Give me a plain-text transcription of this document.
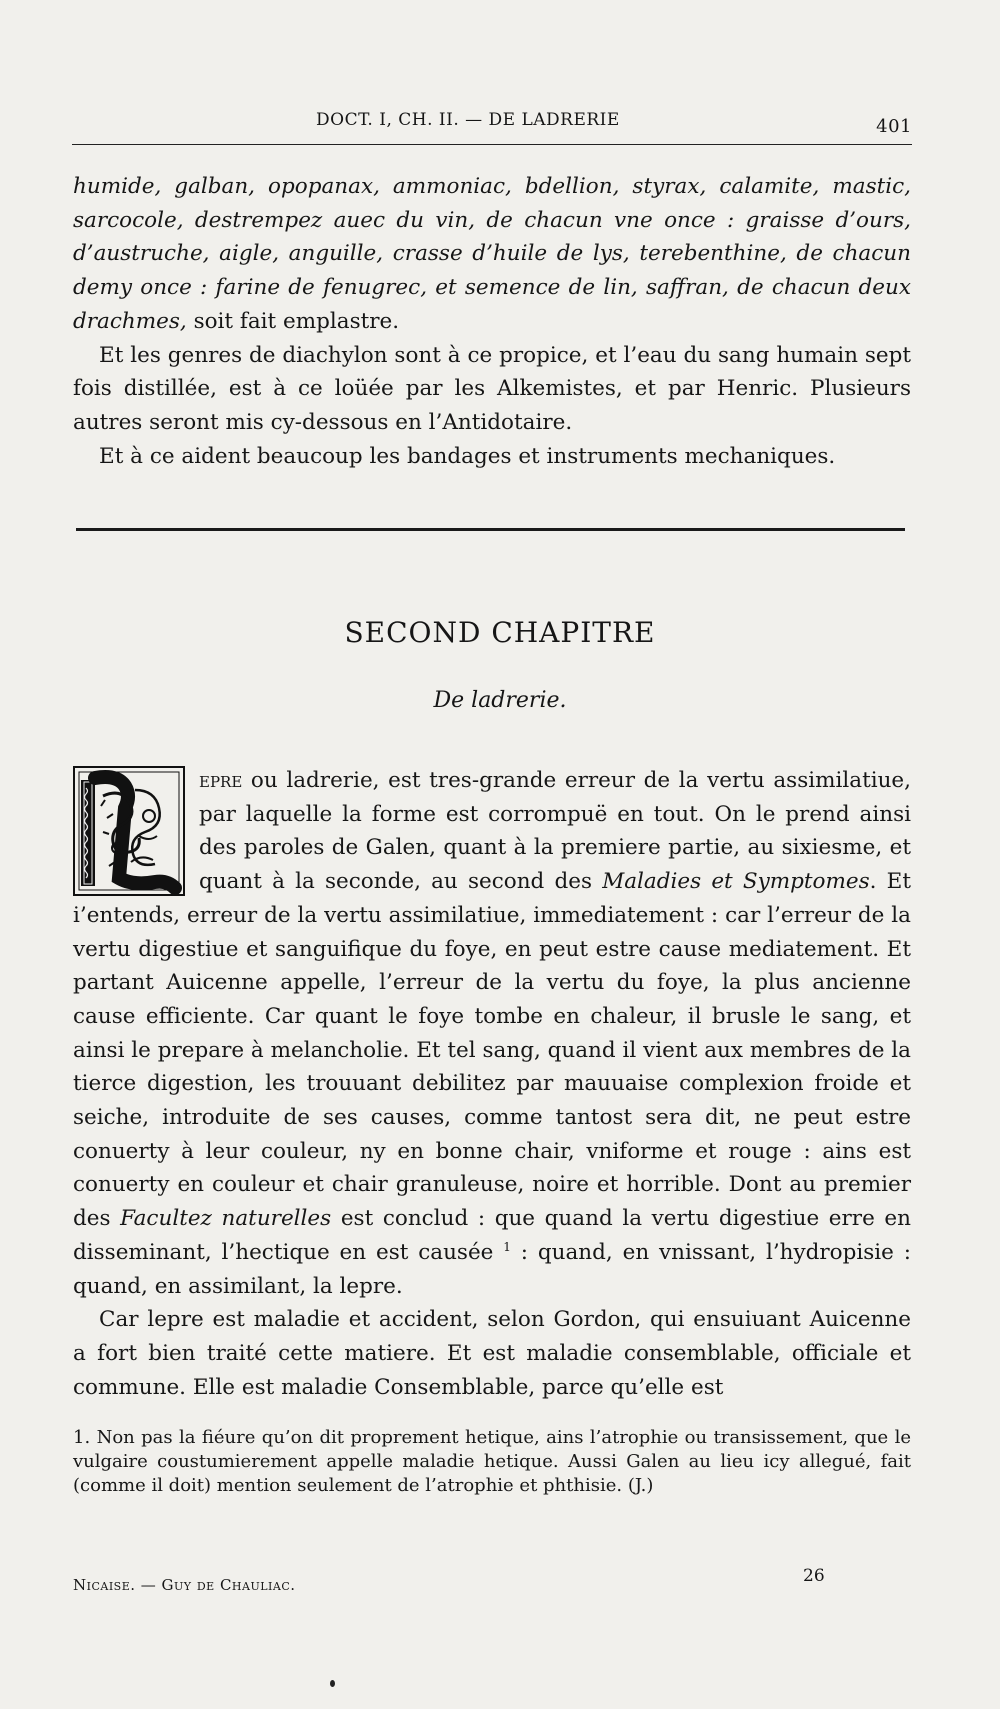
DOCT. I, CH. II. — DE LADRERIE	401

humide, galban, opopanax, ammoniac, bdellion, styrax, calamite, mastic, sarcocole, destrempez auec du vin, de chacun vne once : graisse d’ours, d’austruche, aigle, anguille, crasse d’huile de lys, terebenthine, de chacun demy once : farine de fenugrec, et semence de lin, saffran, de chacun deux drachmes, soit fait emplastre.

Et les genres de diachylon sont à ce propice, et l’eau du sang humain sept fois distillée, est à ce loüée par les Alkemistes, et par Henric. Plusieurs autres seront mis cy-dessous en l’Antidotaire.

Et à ce aident beaucoup les bandages et instruments mechaniques.

SECOND CHAPITRE
De ladrerie.

epre ou ladrerie, est tres-grande erreur de la vertu assimilatiue, par laquelle la forme est corrompuë en tout. On le prend ainsi des paroles de Galen, quant à la premiere partie, au sixiesme, et quant à la seconde, au second des Maladies et Symptomes. Et i’entends, erreur de la vertu assimilatiue, immediatement : car l’erreur de la vertu digestiue et sanguifique du foye, en peut estre cause mediatement. Et partant Auicenne appelle, l’erreur de la vertu du foye, la plus ancienne cause efficiente. Car quant le foye tombe en chaleur, il brusle le sang, et ainsi le prepare à melancholie. Et tel sang, quand il vient aux membres de la tierce digestion, les trouuant debilitez par mauuaise complexion froide et seiche, introduite de ses causes, comme tantost sera dit, ne peut estre conuerty à leur couleur, ny en bonne chair, vniforme et rouge : ains est conuerty en couleur et chair granuleuse, noire et horrible. Dont au premier des Facultez naturelles est conclud : que quand la vertu digestiue erre en disseminant, l’hectique en est causée $^1$ : quand, en vnissant, l’hydropisie : quand, en assimilant, la lepre.

Car lepre est maladie et accident, selon Gordon, qui ensuiuant Auicenne a fort bien traité cette matiere. Et est maladie consemblable, officiale et commune. Elle est maladie Consemblable, parce qu’elle est

1. Non pas la fiéure qu’on dit proprement hetique, ains l’atrophie ou transissement, que le vulgaire coustumierement appelle maladie hetique. Aussi Galen au lieu icy allegué, fait (comme il doit) mention seulement de l’atrophie et phthisie. (J.)
Nicaise. — Guy de Chauliac.	26
